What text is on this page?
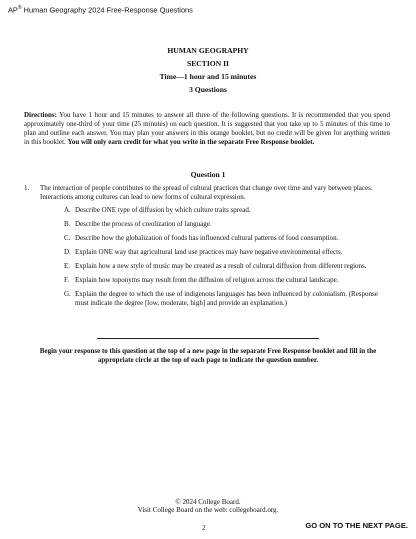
AP® Human Geography 2024 Free-Response Questions
HUMAN GEOGRAPHY
SECTION II
Time—1 hour and 15 minutes
3 Questions
Directions: You have 1 hour and 15 minutes to answer all three of the following questions. It is recommended that you spend approximately one-third of your time (25 minutes) on each question. It is suggested that you take up to 5 minutes of this time to plan and outline each answer. You may plan your answers in this orange booklet, but no credit will be given for anything written in this booklet. You will only earn credit for what you write in the separate Free Response booklet.
Question 1
1. The interaction of people contributes to the spread of cultural practices that change over time and vary between places. Interactions among cultures can lead to new forms of cultural expression.
A. Describe ONE type of diffusion by which culture traits spread.
B. Describe the process of creolization of language.
C. Describe how the globalization of foods has influenced cultural patterns of food consumption.
D. Explain ONE way that agricultural land use practices may have negative environmental effects.
E. Explain how a new style of music may be created as a result of cultural diffusion from different regions.
F. Explain how toponyms may result from the diffusion of religion across the cultural landscape.
G. Explain the degree to which the use of indigenous languages has been influenced by colonialism. (Response must indicate the degree [low, moderate, high] and provide an explanation.)
Begin your response to this question at the top of a new page in the separate Free Response booklet and fill in the appropriate circle at the top of each page to indicate the question number.
© 2024 College Board.
Visit College Board on the web: collegeboard.org.
2	GO ON TO THE NEXT PAGE.
